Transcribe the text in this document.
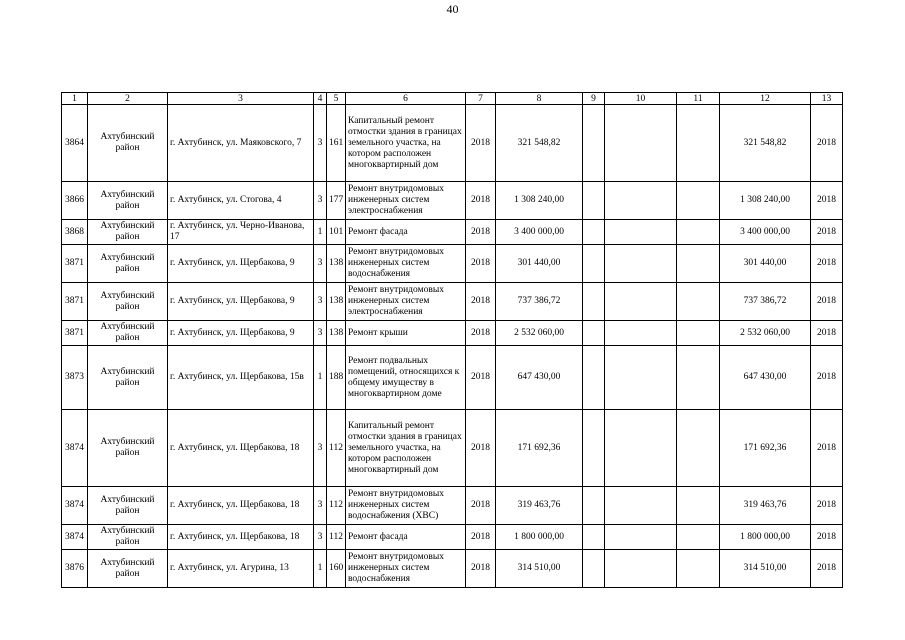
40
1	2	3	4	5	6	7	8	9	10	11	12	13
3864	Ахтубинский район	г. Ахтубинск, ул. Маяковского, 7	3	161	Капитальный ремонт отмостки здания в границах земельного участка, на котором расположен многоквартирный дом	2018	321 548,82				321 548,82	2018
3866	Ахтубинский район	г. Ахтубинск, ул. Стогова, 4	3	177	Ремонт внутридомовых инженерных систем электроснабжения	2018	1 308 240,00				1 308 240,00	2018
3868	Ахтубинский район	г. Ахтубинск, ул. Черно-Иванова, 17	1	101	Ремонт фасада	2018	3 400 000,00				3 400 000,00	2018
3871	Ахтубинский район	г. Ахтубинск, ул. Щербакова, 9	3	138	Ремонт внутридомовых инженерных систем водоснабжения	2018	301 440,00				301 440,00	2018
3871	Ахтубинский район	г. Ахтубинск, ул. Щербакова, 9	3	138	Ремонт внутридомовых инженерных систем электроснабжения	2018	737 386,72				737 386,72	2018
3871	Ахтубинский район	г. Ахтубинск, ул. Щербакова, 9	3	138	Ремонт крыши	2018	2 532 060,00				2 532 060,00	2018
3873	Ахтубинский район	г. Ахтубинск, ул. Щербакова, 15в	1	188	Ремонт подвальных помещений, относящихся к общему имуществу в многоквартирном доме	2018	647 430,00				647 430,00	2018
3874	Ахтубинский район	г. Ахтубинск, ул. Щербакова, 18	3	112	Капитальный ремонт отмостки здания в границах земельного участка, на котором расположен многоквартирный дом	2018	171 692,36				171 692,36	2018
3874	Ахтубинский район	г. Ахтубинск, ул. Щербакова, 18	3	112	Ремонт внутридомовых инженерных систем водоснабжения (ХВС)	2018	319 463,76				319 463,76	2018
3874	Ахтубинский район	г. Ахтубинск, ул. Щербакова, 18	3	112	Ремонт фасада	2018	1 800 000,00				1 800 000,00	2018
3876	Ахтубинский район	г. Ахтубинск, ул. Агурина, 13	1	160	Ремонт внутридомовых инженерных систем водоснабжения	2018	314 510,00				314 510,00	2018
